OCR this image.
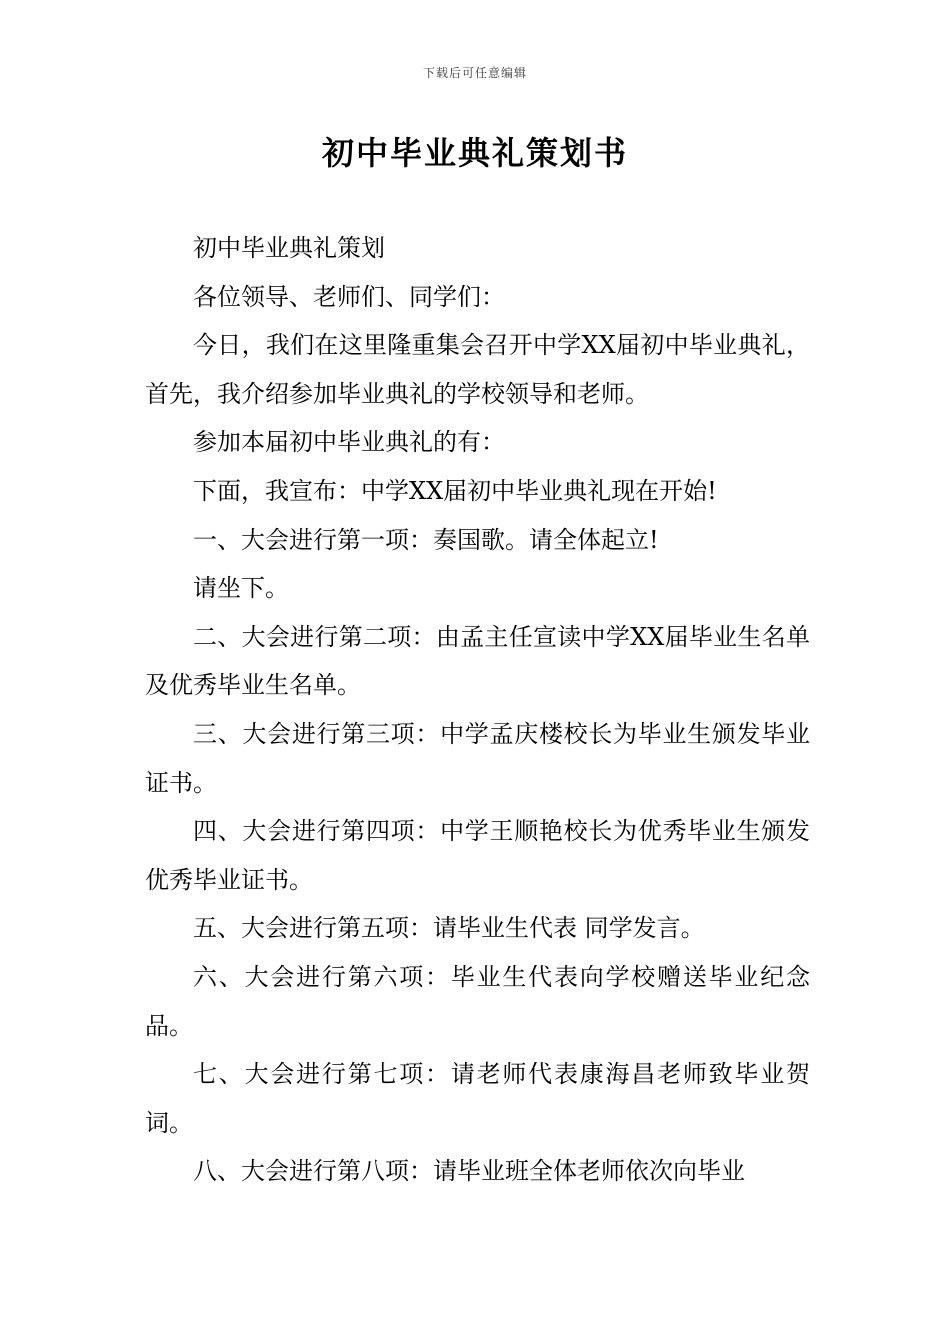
下载后可任意编辑
初中毕业典礼策划书

初中毕业典礼策划

各位领导、老师们、同学们：

今日，我们在这里隆重集会召开中学XX届初中毕业典礼，首先，我介绍参加毕业典礼的学校领导和老师。

参加本届初中毕业典礼的有：

下面，我宣布：中学XX届初中毕业典礼现在开始!

一、大会进行第一项：奏国歌。请全体起立!

请坐下。

二、大会进行第二项：由孟主任宣读中学XX届毕业生名单及优秀毕业生名单。

三、大会进行第三项：中学孟庆楼校长为毕业生颁发毕业证书。

四、大会进行第四项：中学王顺艳校长为优秀毕业生颁发优秀毕业证书。

五、大会进行第五项：请毕业生代表 同学发言。

六、大会进行第六项：毕业生代表向学校赠送毕业纪念品。

七、大会进行第七项：请老师代表康海昌老师致毕业贺词。

八、大会进行第八项：请毕业班全体老师依次向毕业
